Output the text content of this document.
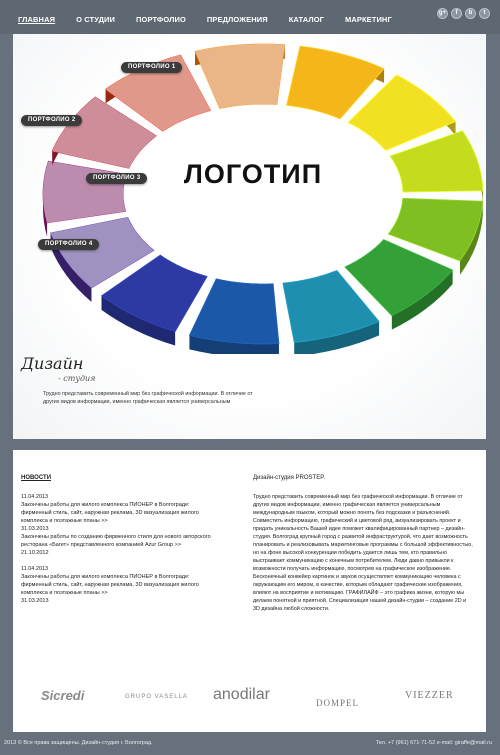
ГЛАВНАЯ	О СТУДИИ	ПОРТФОЛИО	ПРЕДЛОЖЕНИЯ	КАТАЛОГ	МАРКЕТИНГ
g+	f	b	t
ЛОГОТИП
ПОРТФОЛИО 1
ПОРТФОЛИО 2
ПОРТФОЛИО 3
ПОРТФОЛИО 4
Дизайн
- студия
Трудно представить современный мир без графической информации. В отличие от других видов информации, именно графическая является универсальным
НОВОСТИ
11.04.2013
Закончены работы для жилого комплекса ПИОНЕР в Волгограде: фирменный стиль, сайт, наружная реклама, 3D визуализация жилого комплекса и поэтажные планы >>
31.03.2013
Закончены работы по созданию фирменного стиля для нового авторского ресторана «Багет» представленного компанией Azur Group >>
21.10.2012
11.04.2013
Закончены работы для жилого комплекса ПИОНЕР в Волгограде: фирменный стиль, сайт, наружная реклама, 3D визуализация жилого комплекса и поэтажные планы >>
31.03.2013
Дизайн-студия PROSTEP.
Трудно представить современный мир без графической информации. В отличие от других видов информации, именно графическая является универсальным международным языком, который можно понять без подсказки и разъяснений. Совместить информацию, графический и цветовой ряд, визуализировать проект и придать уникальность Вашей идее поможет квалифицированный партнер – дизайн-студия. Волгоград крупный город с развитой инфраструктурой, что дает возможность планировать и реализовывать маркетинговые программы с большой эффективностью, но на фоне высокой конкуренции победить удается лишь тем, кто правильно выстраивает коммуникацию с конечным потребителем. Люди давно привыкли к возможности получать информацию, посмотрев на графическое изображение. Бесконечный конвейер картинок и звуков осуществляет коммуникацию человека с окружающим его миром, в качестве, которым обладают графические изображения, влияют на восприятие и мотивацию. ГРАФИЛАЙФ – это графика жизни, которую мы делаем понятной и приятной. Специализация нашей дизайн-студии – создание 2D и 3D дизайна любой сложности.
Sicredi	GRUPO VASELLA anodilar	DOMPEL
VIEZZER
2013 © Все права защищены. Дизайн-студия г. Волгоград.	Тел. +7 (961) 671-71-52 e-mail: giraffe@mail.ru
